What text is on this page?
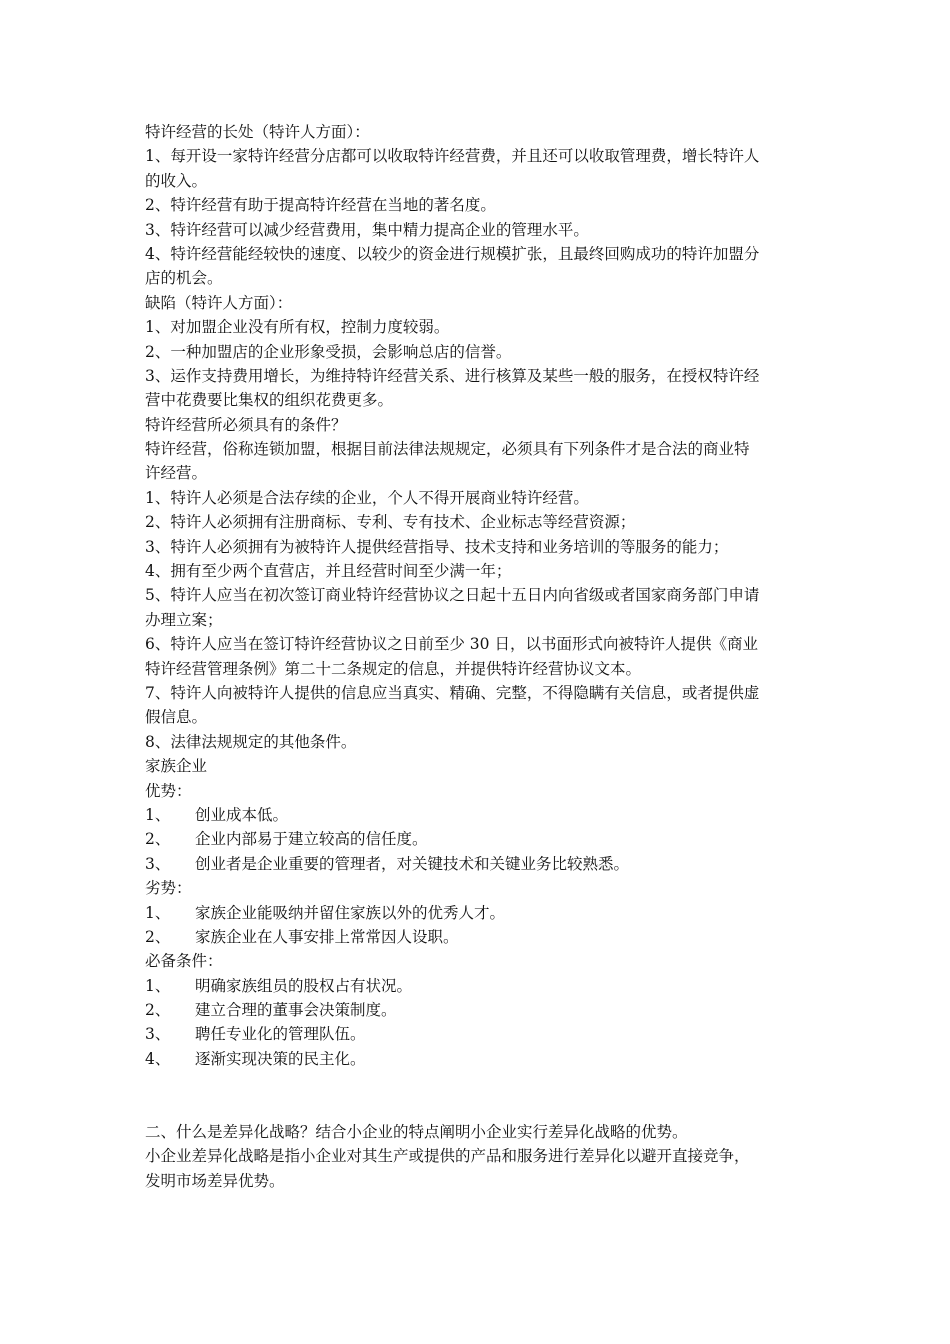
特许经营的长处（特许人方面）：
1、每开设一家特许经营分店都可以收取特许经营费，并且还可以收取管理费，增长特许人
的收入。
2、特许经营有助于提高特许经营在当地的著名度。
3、特许经营可以减少经营费用，集中精力提高企业的管理水平。
4、特许经营能经较快的速度、以较少的资金进行规模扩张，且最终回购成功的特许加盟分
店的机会。
缺陷（特许人方面）：
1、对加盟企业没有所有权，控制力度较弱。
2、一种加盟店的企业形象受损，会影响总店的信誉。
3、运作支持费用增长，为维持特许经营关系、进行核算及某些一般的服务，在授权特许经
营中花费要比集权的组织花费更多。
特许经营所必须具有的条件？
特许经营，俗称连锁加盟，根据目前法律法规规定，必须具有下列条件才是合法的商业特
许经营。
1、特许人必须是合法存续的企业，个人不得开展商业特许经营。
2、特许人必须拥有注册商标、专利、专有技术、企业标志等经营资源；
3、特许人必须拥有为被特许人提供经营指导、技术支持和业务培训的等服务的能力；
4、拥有至少两个直营店，并且经营时间至少满一年；
5、特许人应当在初次签订商业特许经营协议之日起十五日内向省级或者国家商务部门申请
办理立案；
6、特许人应当在签订特许经营协议之日前至少 30 日，以书面形式向被特许人提供《商业
特许经营管理条例》第二十二条规定的信息，并提供特许经营协议文本。
7、特许人向被特许人提供的信息应当真实、精确、完整，不得隐瞒有关信息，或者提供虚
假信息。
8、法律法规规定的其他条件。
家族企业
优势：
1、	创业成本低。
2、	企业内部易于建立较高的信任度。
3、	创业者是企业重要的管理者，对关键技术和关键业务比较熟悉。
劣势：
1、	家族企业能吸纳并留住家族以外的优秀人才。
2、	家族企业在人事安排上常常因人设职。
必备条件：
1、	明确家族组员的股权占有状况。
2、	建立合理的董事会决策制度。
3、	聘任专业化的管理队伍。
4、	逐渐实现决策的民主化。
二、什么是差异化战略？结合小企业的特点阐明小企业实行差异化战略的优势。
小企业差异化战略是指小企业对其生产或提供的产品和服务进行差异化以避开直接竞争，
发明市场差异优势。
